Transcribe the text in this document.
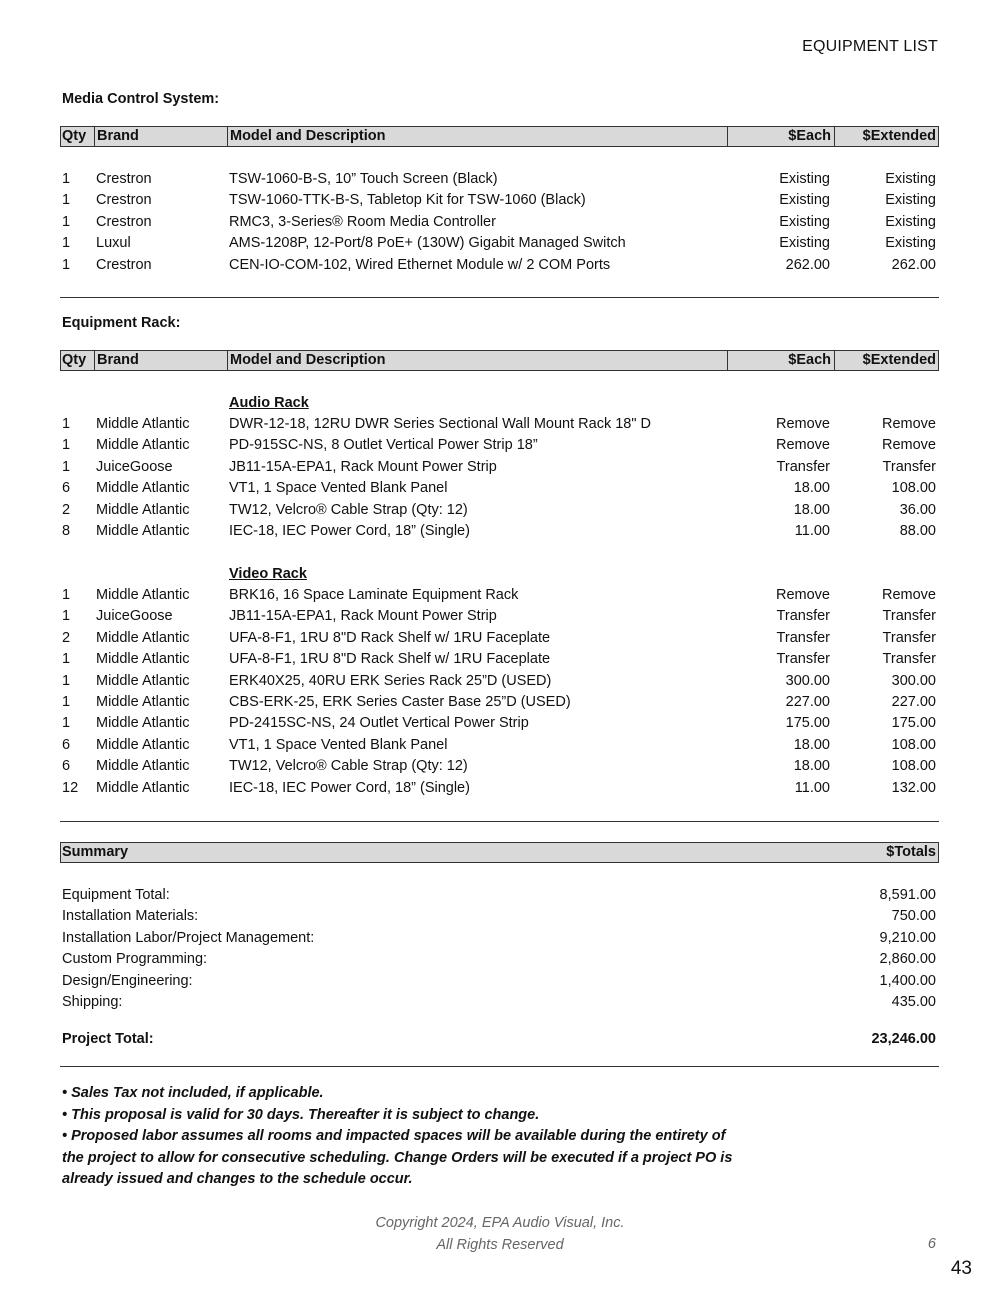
EQUIPMENT LIST
Media Control System:
Qty Brand	Model and Description	$Each	$Extended
1 Crestron	TSW-1060-B-S, 10” Touch Screen (Black)	Existing	Existing
1 Crestron	TSW-1060-TTK-B-S, Tabletop Kit for TSW-1060 (Black)	Existing	Existing
1 Crestron	RMC3, 3-Series® Room Media Controller	Existing	Existing
1 Luxul	AMS-1208P, 12-Port/8 PoE+ (130W) Gigabit Managed Switch	Existing	Existing
1 Crestron	CEN-IO-COM-102, Wired Ethernet Module w/ 2 COM Ports	262.00	262.00
Equipment Rack:
Qty Brand	Model and Description	$Each	$Extended
Audio Rack
1 Middle Atlantic	DWR-12-18, 12RU DWR Series Sectional Wall Mount Rack 18" D	Remove	Remove
1 Middle Atlantic	PD-915SC-NS, 8 Outlet Vertical Power Strip 18”	Remove	Remove
1 JuiceGoose	JB11-15A-EPA1, Rack Mount Power Strip	Transfer	Transfer
6 Middle Atlantic	VT1, 1 Space Vented Blank Panel	18.00	108.00
2 Middle Atlantic	TW12, Velcro® Cable Strap (Qty: 12)	18.00	36.00
8 Middle Atlantic	IEC-18, IEC Power Cord, 18” (Single)	11.00	88.00
Video Rack
1 Middle Atlantic	BRK16, 16 Space Laminate Equipment Rack	Remove	Remove
1 JuiceGoose	JB11-15A-EPA1, Rack Mount Power Strip	Transfer	Transfer
2 Middle Atlantic	UFA-8-F1, 1RU 8"D Rack Shelf w/ 1RU Faceplate	Transfer	Transfer
1 Middle Atlantic	UFA-8-F1, 1RU 8"D Rack Shelf w/ 1RU Faceplate	Transfer	Transfer
1 Middle Atlantic	ERK40X25, 40RU ERK Series Rack 25”D (USED)	300.00	300.00
1 Middle Atlantic	CBS-ERK-25, ERK Series Caster Base 25”D (USED)	227.00	227.00
1 Middle Atlantic	PD-2415SC-NS, 24 Outlet Vertical Power Strip	175.00	175.00
6 Middle Atlantic	VT1, 1 Space Vented Blank Panel	18.00	108.00
6 Middle Atlantic	TW12, Velcro® Cable Strap (Qty: 12)	18.00	108.00
12 Middle Atlantic	IEC-18, IEC Power Cord, 18” (Single)	11.00	132.00
Summary	$Totals
Equipment Total:	8,591.00
Installation Materials:	750.00
Installation Labor/Project Management:	9,210.00
Custom Programming:	2,860.00
Design/Engineering:	1,400.00
Shipping:	435.00
Project Total:	23,246.00
• Sales Tax not included, if applicable.
• This proposal is valid for 30 days. Thereafter it is subject to change.
• Proposed labor assumes all rooms and impacted spaces will be available during the entirety of the project to allow for consecutive scheduling. Change Orders will be executed if a project PO is already issued and changes to the schedule occur.
Copyright 2024, EPA Audio Visual, Inc.
All Rights Reserved	6
43
